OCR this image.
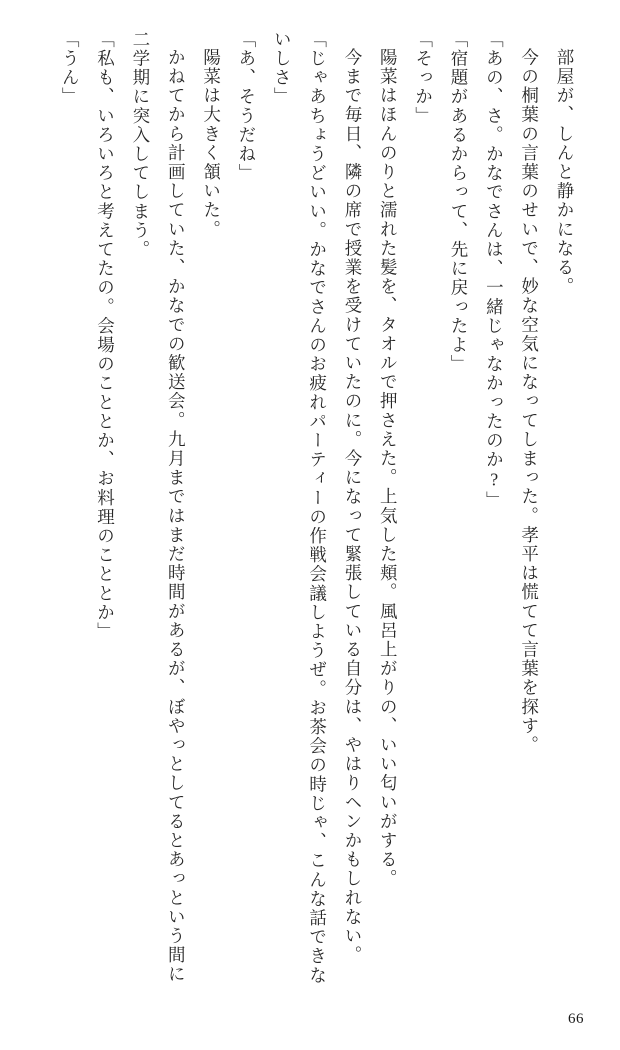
部屋が、しんと静かになる。

今の桐葉の言葉のせいで、妙な空気になってしまった。孝平は慌てて言葉を探す。

「あの、さ。かなでさんは、一緒じゃなかったのか?」

「宿題があるからって、先に戻ったよ」

「そっか」

陽菜はほんのりと濡れた髪を、タオルで押さえた。上気した頬。風呂上がりの、いい匂いがする。

今まで毎日、隣の席で授業を受けていたのに。今になって緊張している自分は、やはりヘンかもしれない。

「じゃあちょうどいい。かなでさんのお疲れパーティーの作戦会議しようぜ。お茶会の時じゃ、こんな話できないしさ」

「あ、そうだね」

陽菜は大きく頷いた。

かねてから計画していた、かなでの歓送会。九月まではまだ時間があるが、ぼやっとしてるとあっという間に二学期に突入してしまう。

「私も、いろいろと考えてたの。会場のこととか、お料理のこととか」

「うん」

66
